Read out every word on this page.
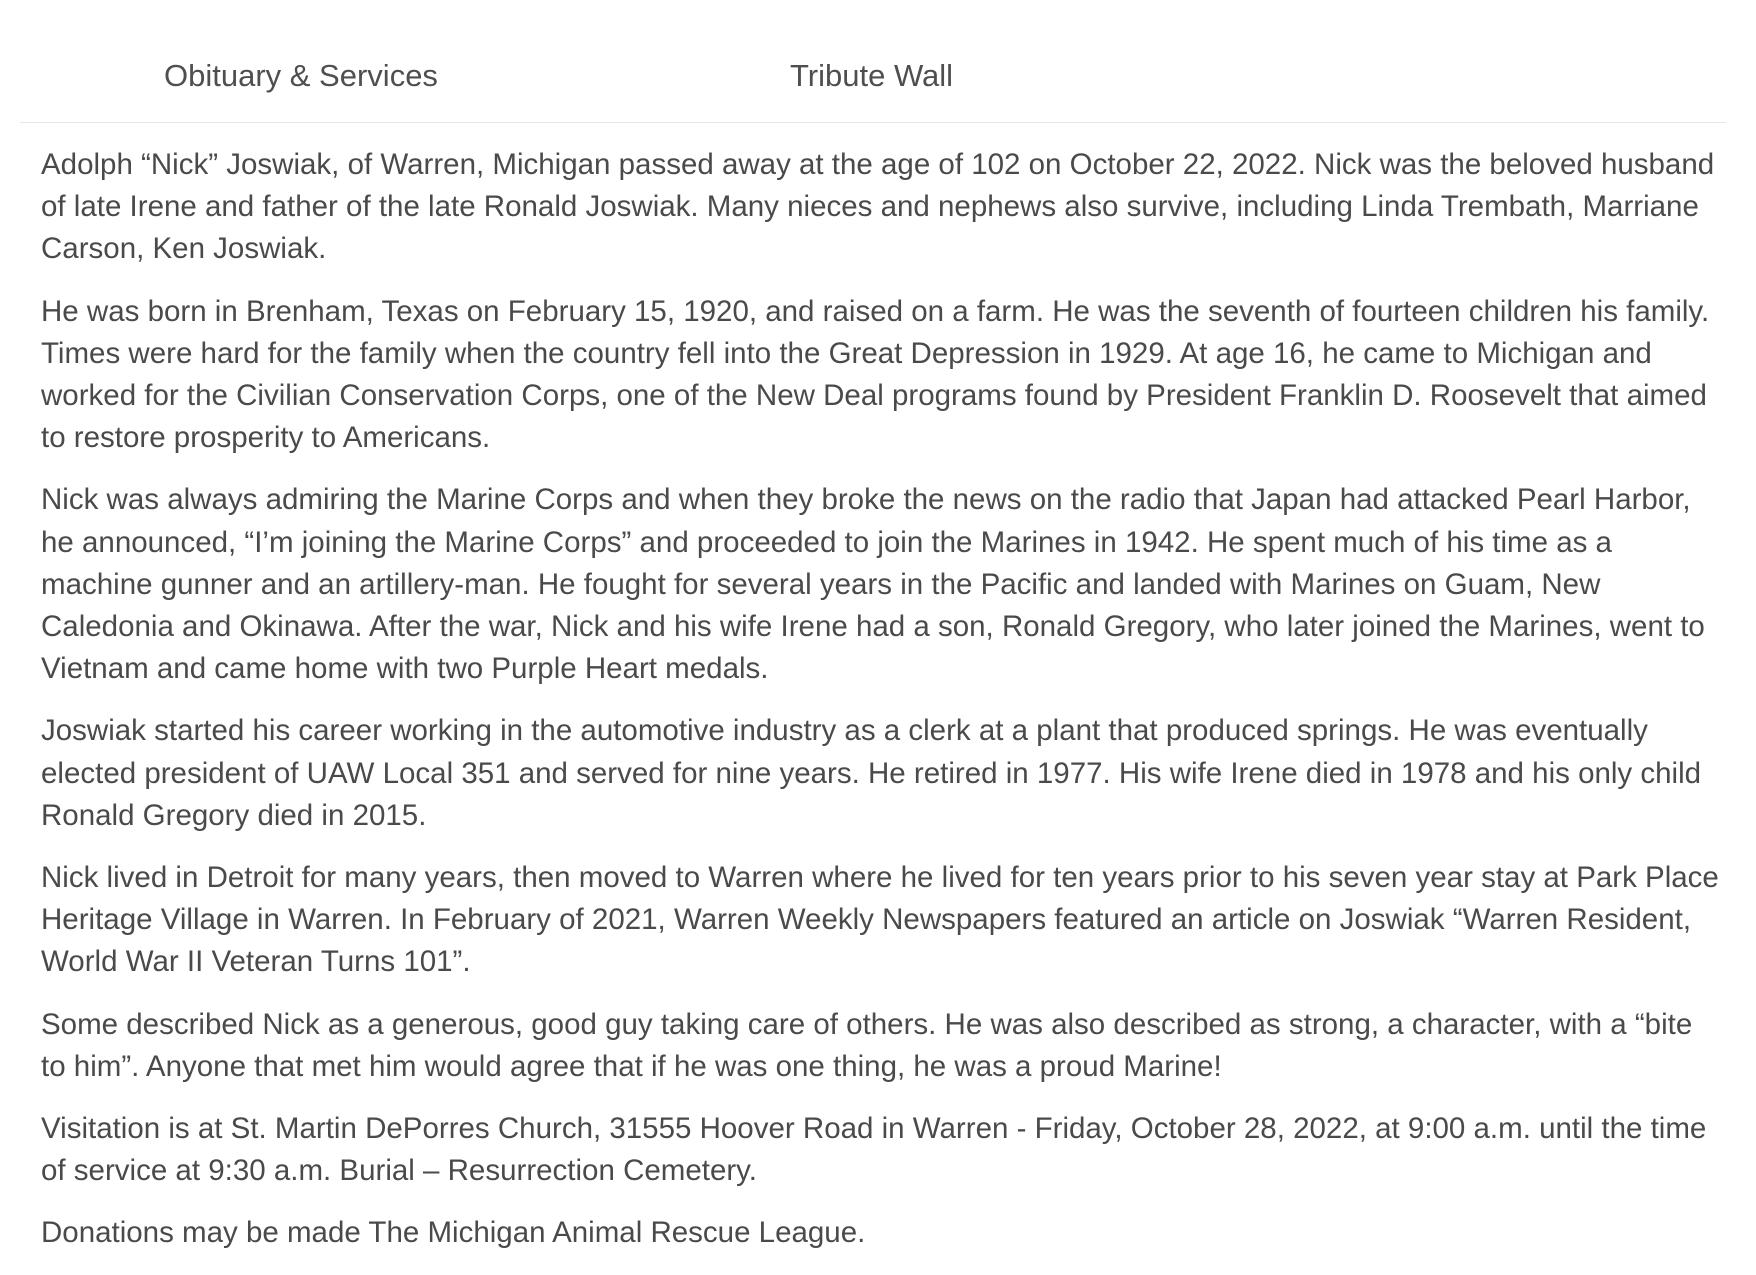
Obituary & Services	Tribute Wall

Adolph “Nick” Joswiak, of Warren, Michigan passed away at the age of 102 on October 22, 2022. Nick was the beloved husband of late Irene and father of the late Ronald Joswiak. Many nieces and nephews also survive, including Linda Trembath, Marriane Carson, Ken Joswiak.

He was born in Brenham, Texas on February 15, 1920, and raised on a farm. He was the seventh of fourteen children his family. Times were hard for the family when the country fell into the Great Depression in 1929. At age 16, he came to Michigan and worked for the Civilian Conservation Corps, one of the New Deal programs found by President Franklin D. Roosevelt that aimed to restore prosperity to Americans.

Nick was always admiring the Marine Corps and when they broke the news on the radio that Japan had attacked Pearl Harbor, he announced, “I’m joining the Marine Corps” and proceeded to join the Marines in 1942. He spent much of his time as a machine gunner and an artillery-man. He fought for several years in the Pacific and landed with Marines on Guam, New Caledonia and Okinawa. After the war, Nick and his wife Irene had a son, Ronald Gregory, who later joined the Marines, went to Vietnam and came home with two Purple Heart medals.

Joswiak started his career working in the automotive industry as a clerk at a plant that produced springs. He was eventually elected president of UAW Local 351 and served for nine years. He retired in 1977. His wife Irene died in 1978 and his only child Ronald Gregory died in 2015.

Nick lived in Detroit for many years, then moved to Warren where he lived for ten years prior to his seven year stay at Park Place Heritage Village in Warren. In February of 2021, Warren Weekly Newspapers featured an article on Joswiak “Warren Resident, World War II Veteran Turns 101”.

Some described Nick as a generous, good guy taking care of others. He was also described as strong, a character, with a “bite to him”. Anyone that met him would agree that if he was one thing, he was a proud Marine!

Visitation is at St. Martin DePorres Church, 31555 Hoover Road in Warren - Friday, October 28, 2022, at 9:00 a.m. until the time of service at 9:30 a.m. Burial – Resurrection Cemetery.

Donations may be made The Michigan Animal Rescue League.
